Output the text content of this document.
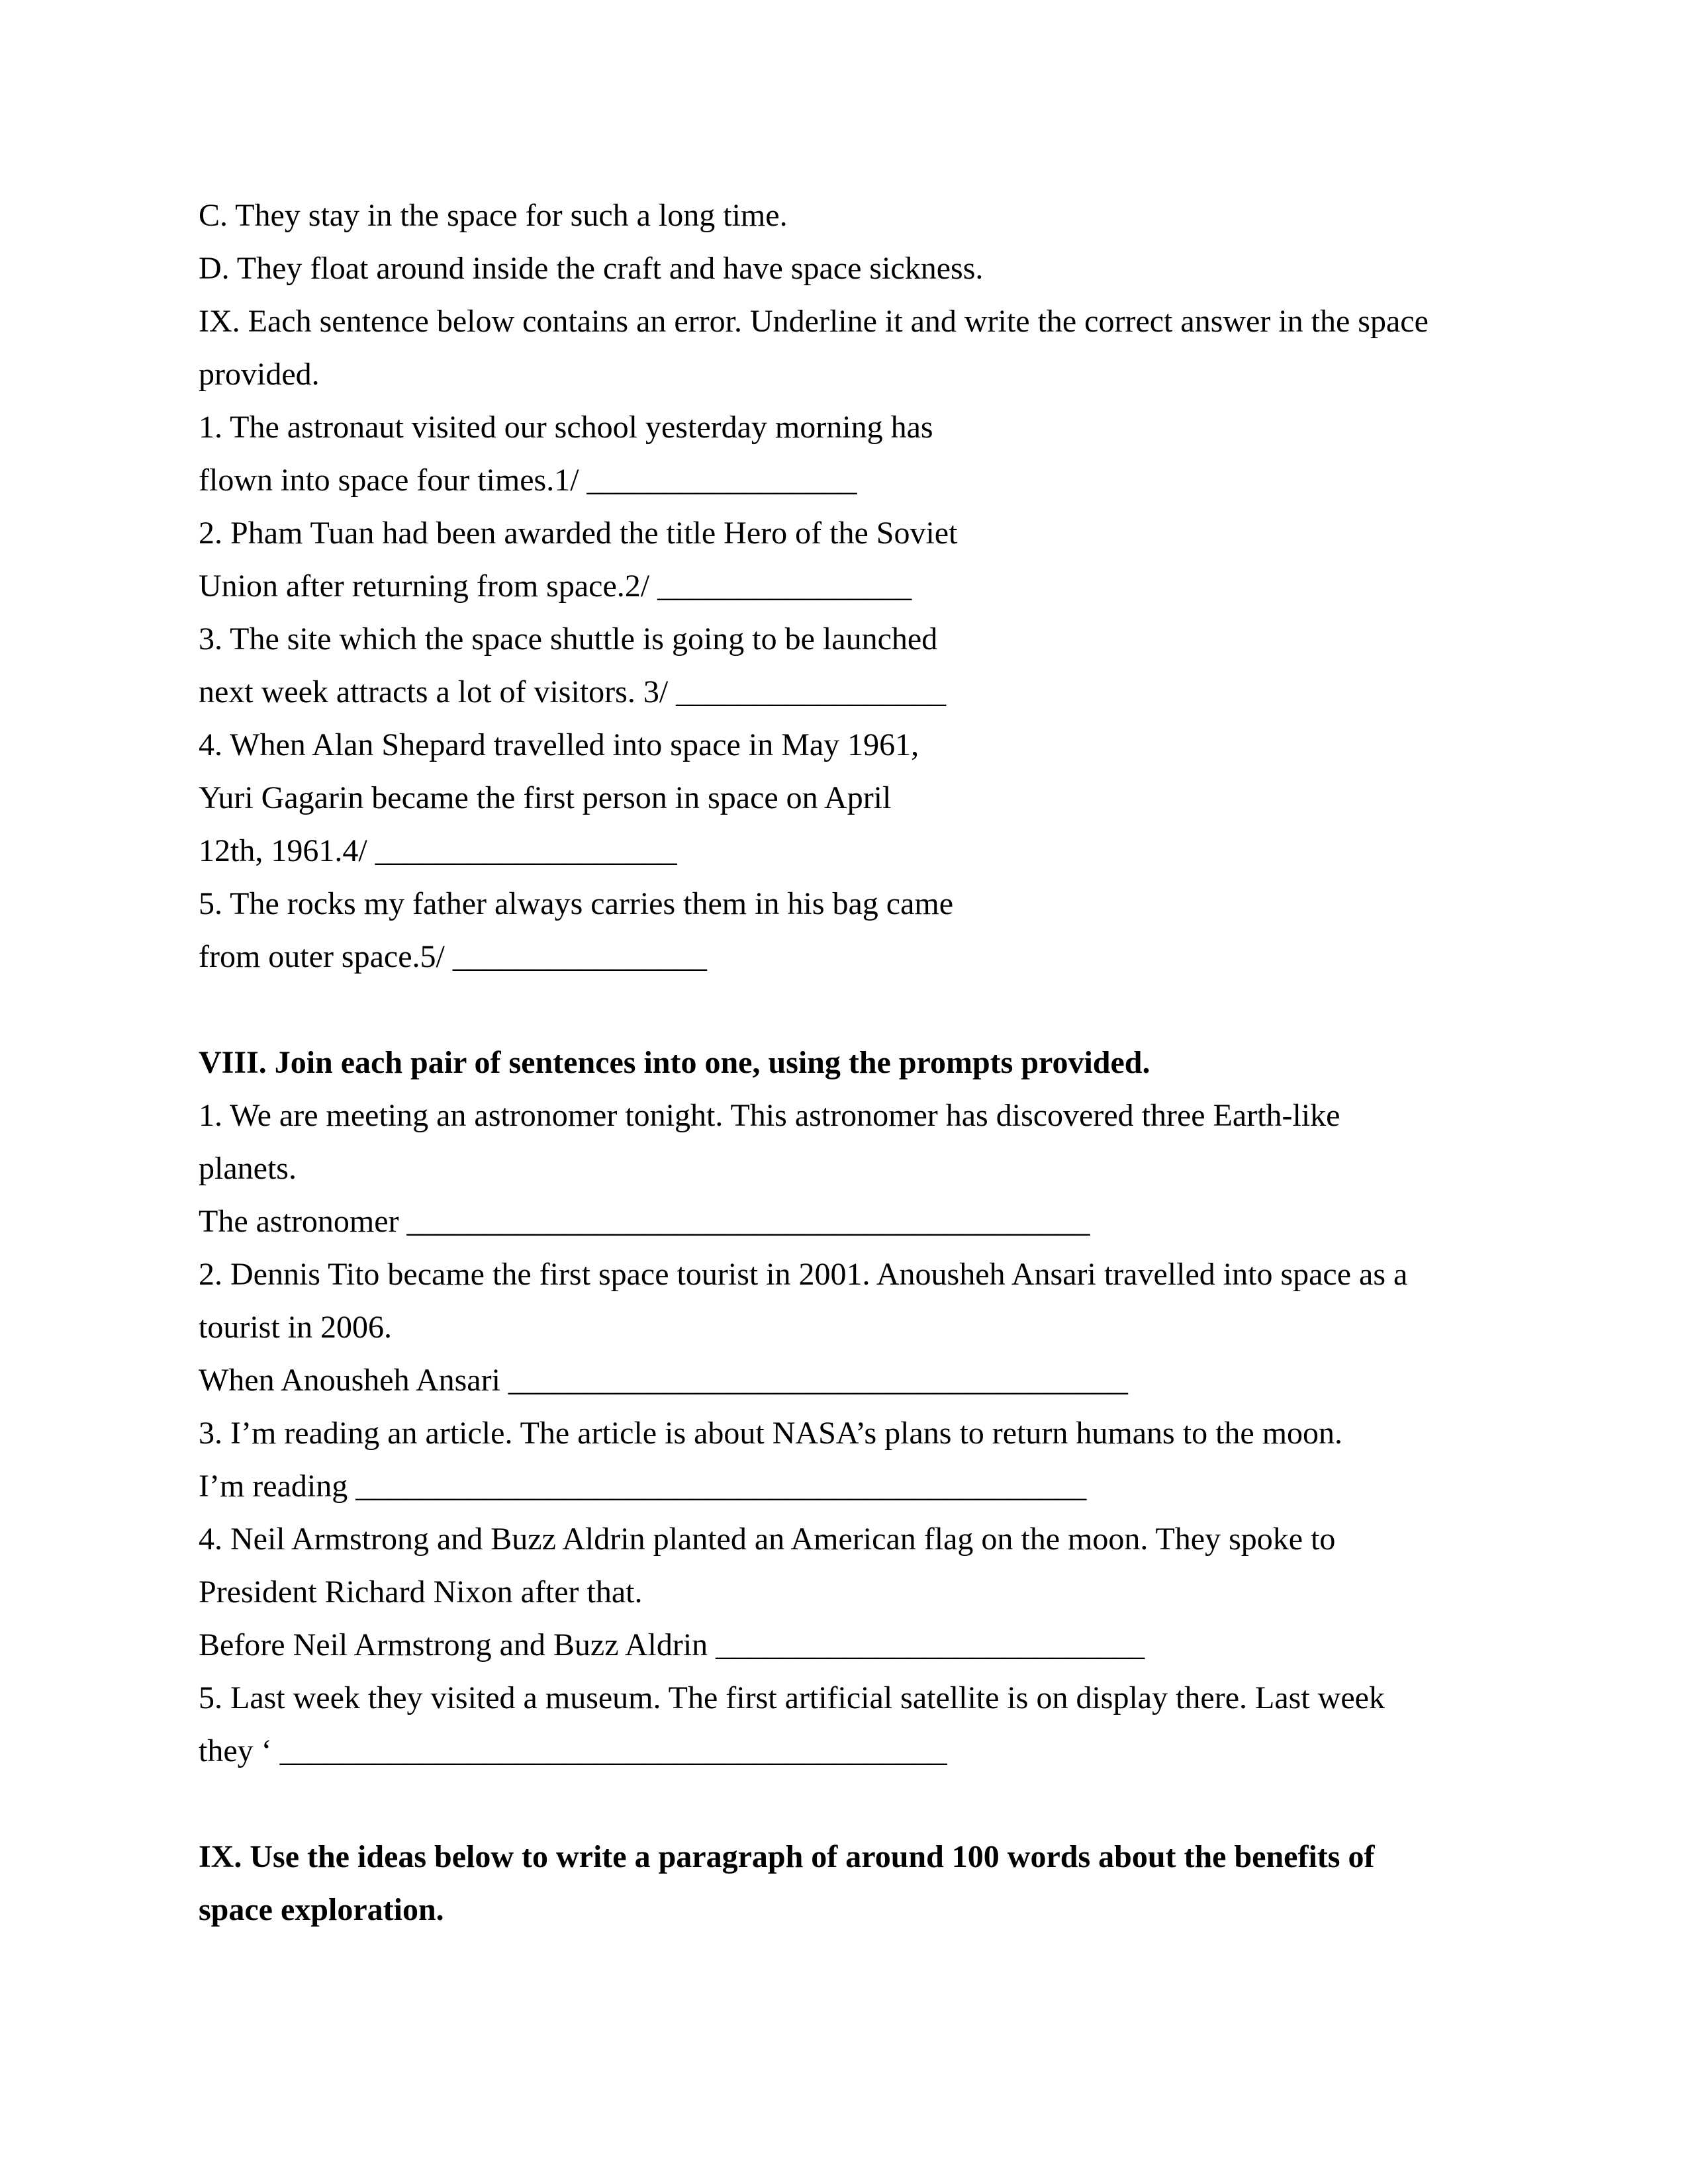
C. They stay in the space for such a long time.

D. They float around inside the craft and have space sickness.

IX. Each sentence below contains an error. Underline it and write the correct answer in the space

provided.

1. The astronaut visited our school yesterday morning has

flown into space four times.1/ _________________

2. Pham Tuan had been awarded the title Hero of the Soviet

Union after returning from space.2/ ________________

3. The site which the space shuttle is going to be launched

next week attracts a lot of visitors. 3/ _________________

4. When Alan Shepard travelled into space in May 1961,

Yuri Gagarin became the first person in space on April

12th, 1961.4/ ___________________

5. The rocks my father always carries them in his bag came

from outer space.5/ ________________

VIII. Join each pair of sentences into one, using the prompts provided.

1. We are meeting an astronomer tonight. This astronomer has discovered three Earth-like

planets.

The astronomer ___________________________________________

2. Dennis Tito became the first space tourist in 2001. Anousheh Ansari travelled into space as a

tourist in 2006.

When Anousheh Ansari _______________________________________

3. I’m reading an article. The article is about NASA’s plans to return humans to the moon.

I’m reading ______________________________________________

4. Neil Armstrong and Buzz Aldrin planted an American flag on the moon. They spoke to

President Richard Nixon after that.

Before Neil Armstrong and Buzz Aldrin ___________________________

5. Last week they visited a museum. The first artificial satellite is on display there. Last week

they ‘ __________________________________________

IX. Use the ideas below to write a paragraph of around 100 words about the benefits of

space exploration.
